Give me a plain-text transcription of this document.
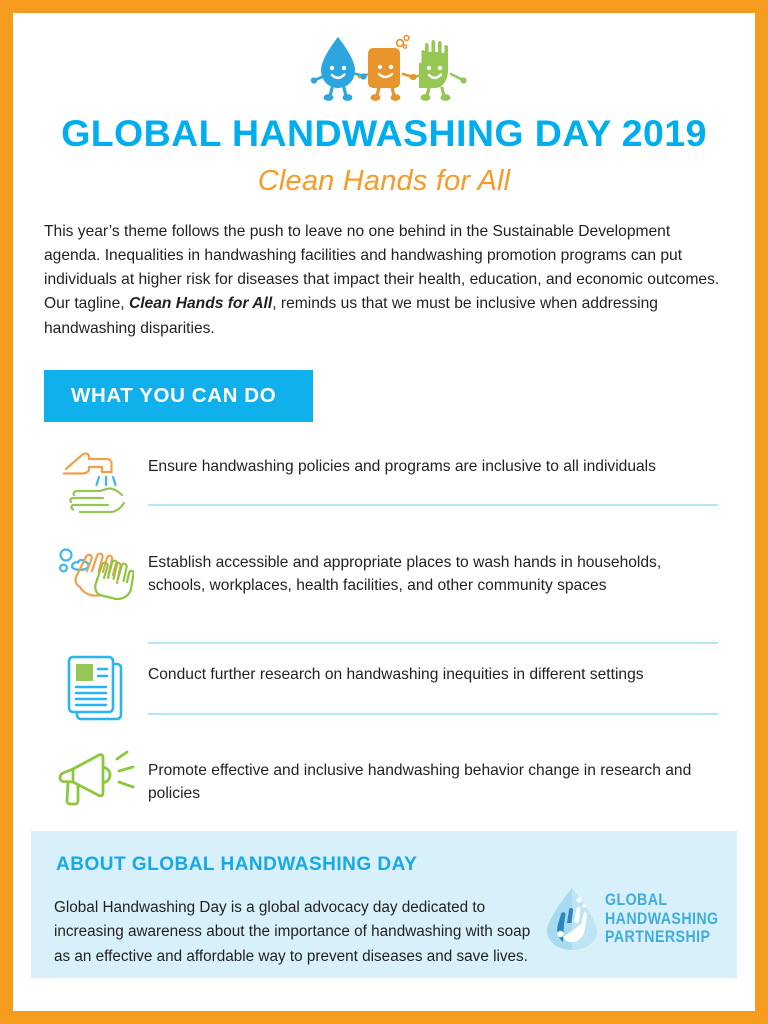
GLOBAL HANDWASHING DAY 2019
Clean Hands for All

This year’s theme follows the push to leave no one behind in the Sustainable Development agenda. Inequalities in handwashing facilities and handwashing promotion programs can put individuals at higher risk for diseases that impact their health, education, and economic outcomes. Our tagline, Clean Hands for All, reminds us that we must be inclusive when addressing handwashing disparities.

WHAT YOU CAN DO
Ensure handwashing policies and programs are inclusive to all individuals
Establish accessible and appropriate places to wash hands in households, schools, workplaces, health facilities, and other community spaces
Conduct further research on handwashing inequities in different settings
Promote effective and inclusive handwashing behavior change in research and policies
ABOUT GLOBAL HANDWASHING DAY
Global Handwashing Day is a global advocacy day dedicated to increasing awareness about the importance of handwashing with soap as an effective and affordable way to prevent diseases and save lives.
GLOBAL
HANDWASHING
PARTNERSHIP
